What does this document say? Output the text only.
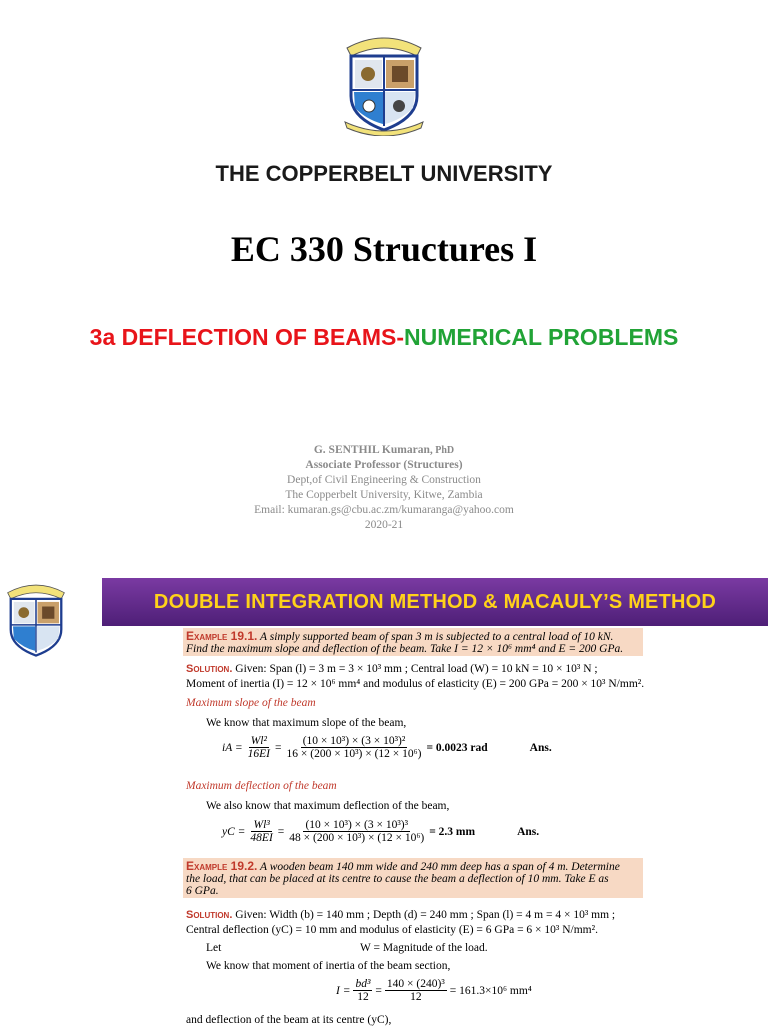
THE COPPERBELT UNIVERSITY
EC 330 Structures I
3a DEFLECTION OF BEAMS-NUMERICAL PROBLEMS
G. SENTHIL Kumaran, PhD
Associate Professor (Structures)
Dept,of Civil Engineering & Construction
The Copperbelt University, Kitwe, Zambia
Email: kumaran.gs@cbu.ac.zm/kumaranga@yahoo.com
2020-21
DOUBLE INTEGRATION METHOD & MACAULY’S METHOD
Example 19.1. A simply supported beam of span 3 m is subjected to a central load of 10 kN.
Find the maximum slope and deflection of the beam. Take I = 12 × 10⁶ mm⁴ and E = 200 GPa.
Solution. Given: Span (l) = 3 m = 3 × 10³ mm ; Central load (W) = 10 kN = 10 × 10³ N ;
Moment of inertia (I) = 12 × 10⁶ mm⁴ and modulus of elasticity (E) = 200 GPa = 200 × 10³ N/mm².
Maximum slope of the beam
We know that maximum slope of the beam,
iA = $\frac{\text{Wl²}}{16EI} = \frac{\text{(10 × 10³) × (3 × 10³)²}}{\text{16 × (200 × 10³) × (12 × 10⁶)}} = 0.0023$ rad	Ans.
Maximum deflection of the beam
We also know that maximum deflection of the beam,
yC = $\frac{\text{Wl³}}{48EI} = \frac{\text{(10 × 10³) × (3 × 10³)³}}{\text{48 × (200 × 10³) × (12 × 10⁶)}} = 2.3$ mm	Ans.
Example 19.2. A wooden beam 140 mm wide and 240 mm deep has a span of 4 m. Determine
the load, that can be placed at its centre to cause the beam a deflection of 10 mm. Take E as
6 GPa.
Solution. Given: Width (b) = 140 mm ; Depth (d) = 240 mm ; Span (l) = 4 m = 4 × 10³ mm ;
Central deflection (yC) = 10 mm and modulus of elasticity (E) = 6 GPa = 6 × 10³ N/mm².
Let	W = Magnitude of the load.
We know that moment of inertia of the beam section,
$I = \frac{\text{bd³}}{12} = \frac{\text{140 × (240)³}}{12} = 161.3\times 10^6$ mm⁴
and deflection of the beam at its centre (yC),
